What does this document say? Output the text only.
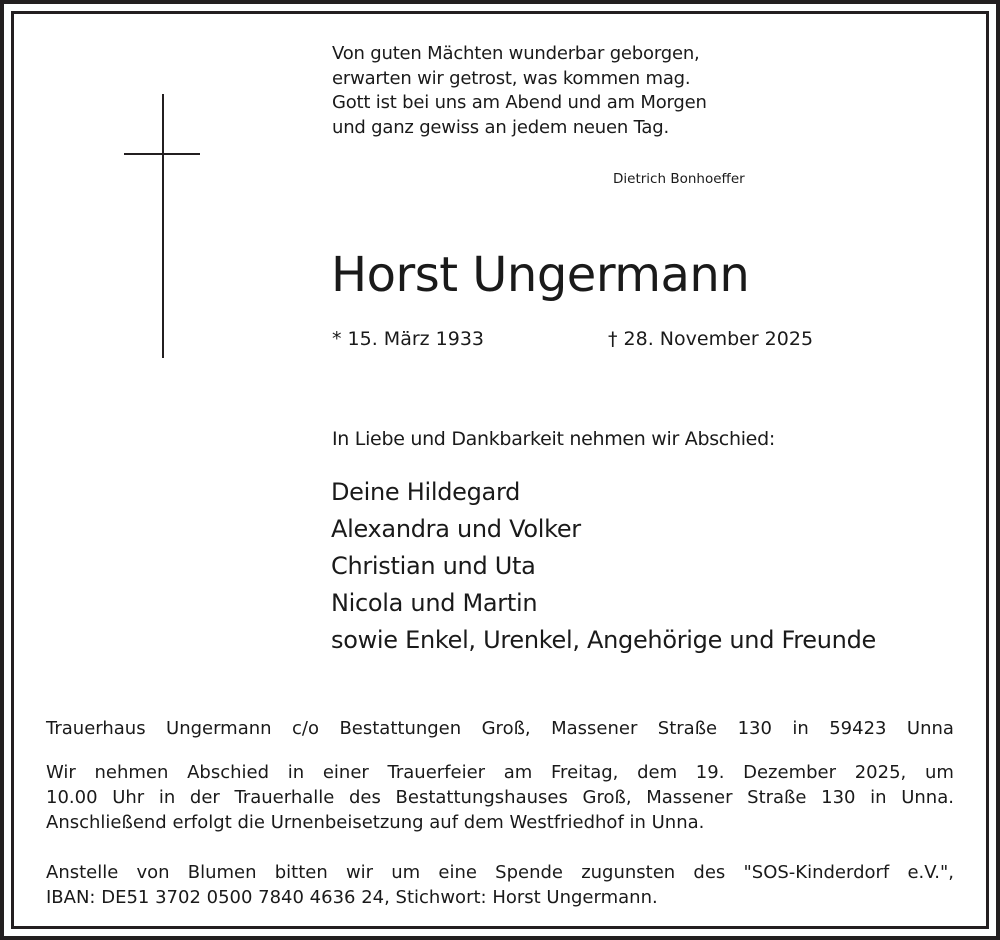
Von guten Mächten wunderbar geborgen,
erwarten wir getrost, was kommen mag.
Gott ist bei uns am Abend und am Morgen
und ganz gewiss an jedem neuen Tag.
Dietrich Bonhoeffer
Horst Ungermann
* 15. März 1933	† 28. November 2025
In Liebe und Dankbarkeit nehmen wir Abschied:
Deine Hildegard
Alexandra und Volker
Christian und Uta
Nicola und Martin
sowie Enkel, Urenkel, Angehörige und Freunde
Trauerhaus Ungermann c/o Bestattungen Groß, Massener Straße 130 in 59423 Unna
Wir nehmen Abschied in einer Trauerfeier am Freitag, dem 19. Dezember 2025, um
10.00 Uhr in der Trauerhalle des Bestattungshauses Groß, Massener Straße 130 in Unna.
Anschließend erfolgt die Urnenbeisetzung auf dem Westfriedhof in Unna.
Anstelle von Blumen bitten wir um eine Spende zugunsten des "SOS-Kinderdorf e.V.",
IBAN: DE51 3702 0500 7840 4636 24, Stichwort: Horst Ungermann.
